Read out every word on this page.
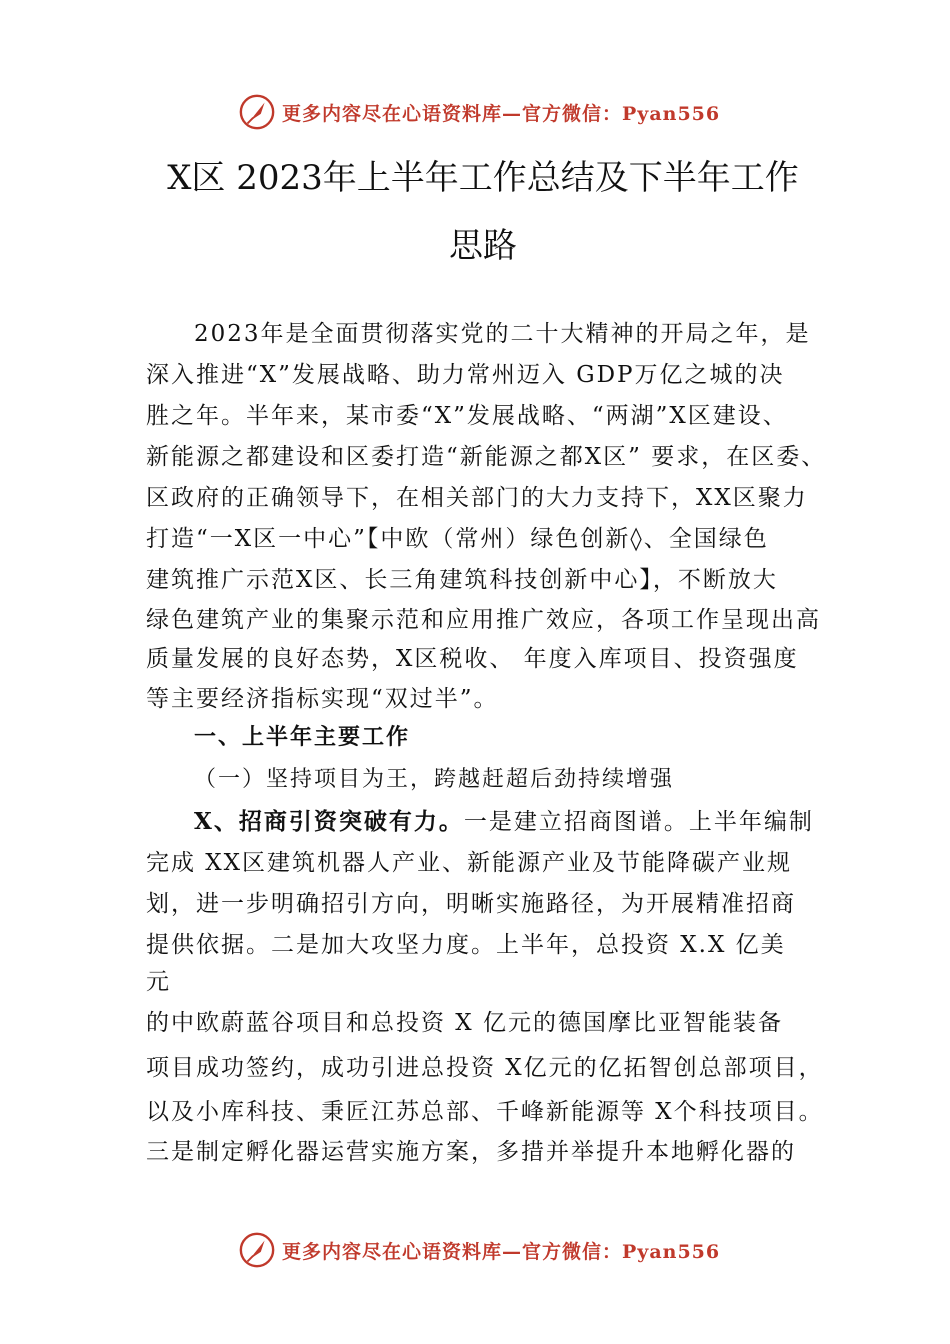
更多内容尽在心语资料库—官方微信：Pyan556
X区 2023年上半年工作总结及下半年工作
思路
2023年是全面贯彻落实党的二十大精神的开局之年，是
深入推进“X”发展战略、助力常州迈入 GDP万亿之城的决
胜之年。半年来，某市委“X”发展战略、“两湖”X区建设、
新能源之都建设和区委打造“新能源之都X区” 要求，在区委、
区政府的正确领导下，在相关部门的大力支持下，XX区聚力
打造“一X区一中心”【中欧（常州）绿色创新◊、全国绿色
建筑推广示范X区、长三角建筑科技创新中心】，不断放大
绿色建筑产业的集聚示范和应用推广效应，各项工作呈现出高
质量发展的良好态势，X区税收、 年度入库项目、投资强度
等主要经济指标实现“双过半”。
一、上半年主要工作
（一）坚持项目为王，跨越赶超后劲持续增强
X、招商引资突破有力。一是建立招商图谱。上半年编制
完成 XX区建筑机器人产业、新能源产业及节能降碳产业规
划，进一步明确招引方向，明晰实施路径，为开展精准招商
提供依据。二是加大攻坚力度。上半年，总投资 X.X 亿美
元
的中欧蔚蓝谷项目和总投资 X 亿元的德国摩比亚智能装备
项目成功签约，成功引进总投资 X亿元的亿拓智创总部项目，
以及小库科技、秉匠江苏总部、千峰新能源等 X个科技项目。
三是制定孵化器运营实施方案，多措并举提升本地孵化器的
更多内容尽在心语资料库—官方微信：Pyan556
